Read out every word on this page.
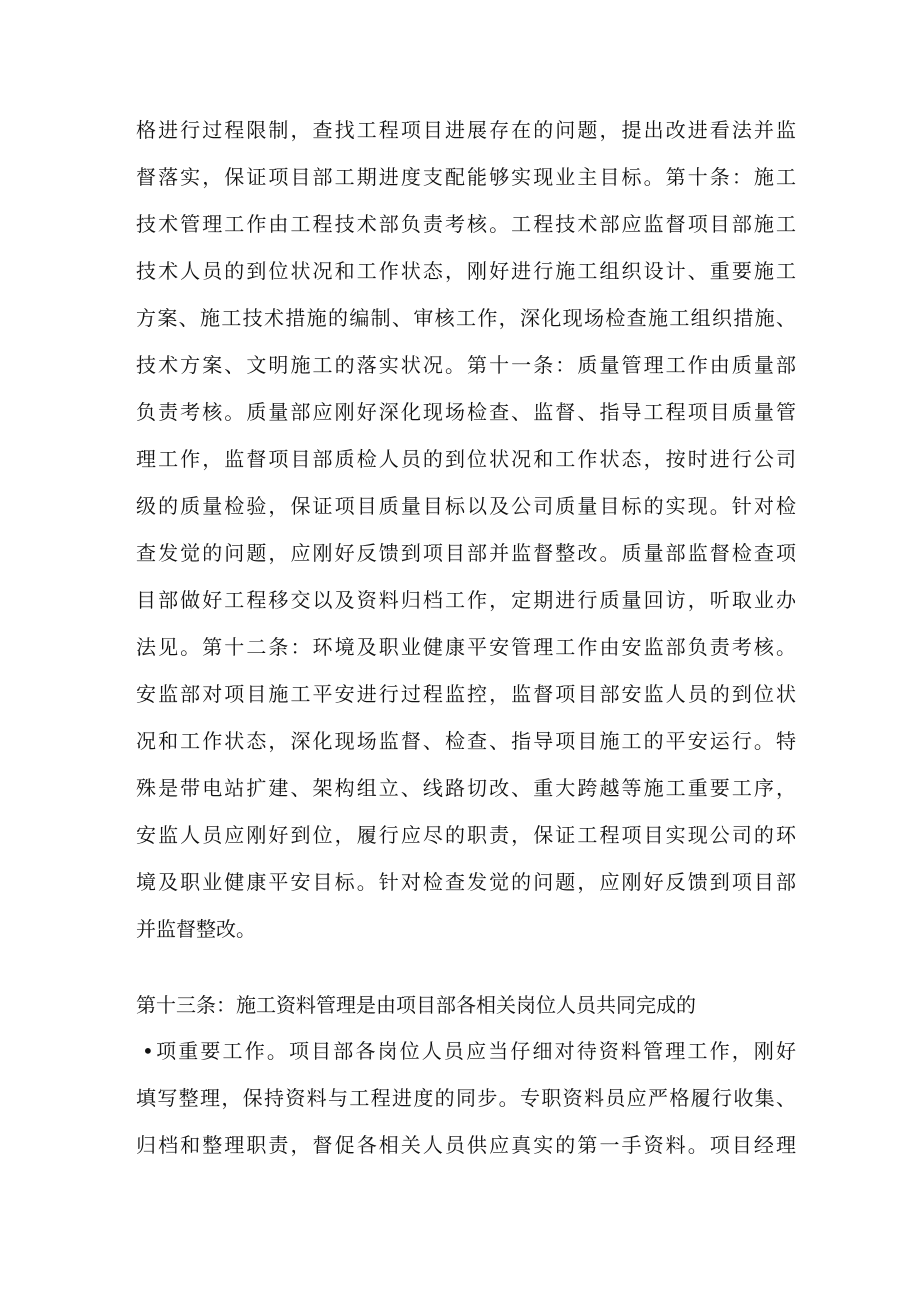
格进行过程限制，查找工程项目进展存在的问题，提出改进看法并监
督落实，保证项目部工期进度支配能够实现业主目标。第十条：施工
技术管理工作由工程技术部负责考核。工程技术部应监督项目部施工
技术人员的到位状况和工作状态，刚好进行施工组织设计、重要施工
方案、施工技术措施的编制、审核工作，深化现场检查施工组织措施、
技术方案、文明施工的落实状况。第十一条：质量管理工作由质量部
负责考核。质量部应刚好深化现场检查、监督、指导工程项目质量管
理工作，监督项目部质检人员的到位状况和工作状态，按时进行公司
级的质量检验，保证项目质量目标以及公司质量目标的实现。针对检
查发觉的问题，应刚好反馈到项目部并监督整改。质量部监督检查项
目部做好工程移交以及资料归档工作，定期进行质量回访，听取业办
法见。第十二条：环境及职业健康平安管理工作由安监部负责考核。
安监部对项目施工平安进行过程监控，监督项目部安监人员的到位状
况和工作状态，深化现场监督、检查、指导项目施工的平安运行。特
殊是带电站扩建、架构组立、线路切改、重大跨越等施工重要工序，
安监人员应刚好到位，履行应尽的职责，保证工程项目实现公司的环
境及职业健康平安目标。针对检查发觉的问题，应刚好反馈到项目部
并监督整改。
第十三条：施工资料管理是由项目部各相关岗位人员共同完成的
•项重要工作。项目部各岗位人员应当仔细对待资料管理工作，刚好
填写整理，保持资料与工程进度的同步。专职资料员应严格履行收集、
归档和整理职责，督促各相关人员供应真实的第一手资料。项目经理
